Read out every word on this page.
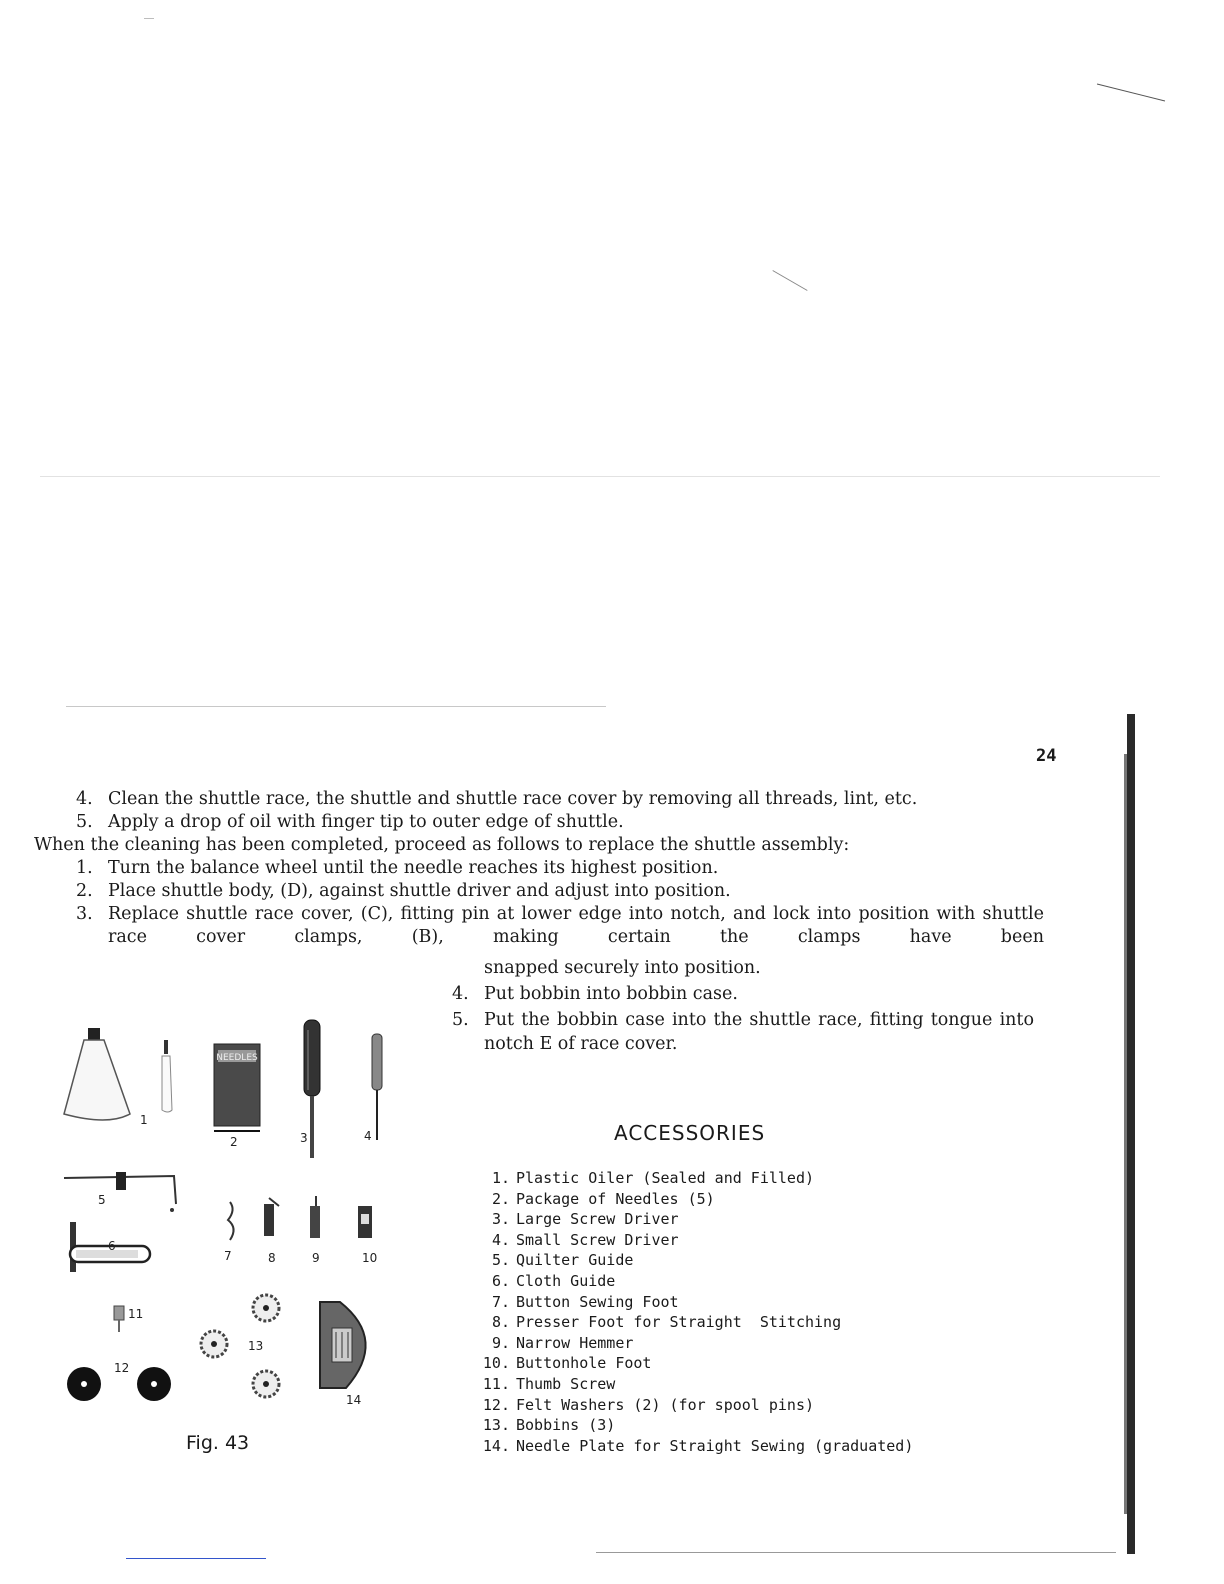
24
4. Clean the shuttle race, the shuttle and shuttle race cover by removing all threads, lint, etc.
5. Apply a drop of oil with finger tip to outer edge of shuttle.
When the cleaning has been completed, proceed as follows to replace the shuttle assembly:
1. Turn the balance wheel until the needle reaches its highest position.
2. Place shuttle body, (D), against shuttle driver and adjust into position.
3. Replace shuttle race cover, (C), fitting pin at lower edge into notch, and lock into position with shuttle race cover clamps, (B), making certain the clamps have been
snapped securely into position.
4. Put bobbin into bobbin case.
5. Put the bobbin case into the shuttle race, fitting tongue into notch E of race cover.
ACCESSORIES
1. Plastic Oiler (Sealed and Filled)
2. Package of Needles (5)
3. Large Screw Driver
4. Small Screw Driver
5. Quilter Guide
6. Cloth Guide
7. Button Sewing Foot
8. Presser Foot for Straight  Stitching
9. Narrow Hemmer
10. Buttonhole Foot
11. Thumb Screw
12. Felt Washers (2) (for spool pins)
13. Bobbins (3)
14. Needle Plate for Straight Sewing (graduated)
NEEDLES
1
2	3	4
5
6
7	8	9	10
11
12
13
14
Fig. 43
